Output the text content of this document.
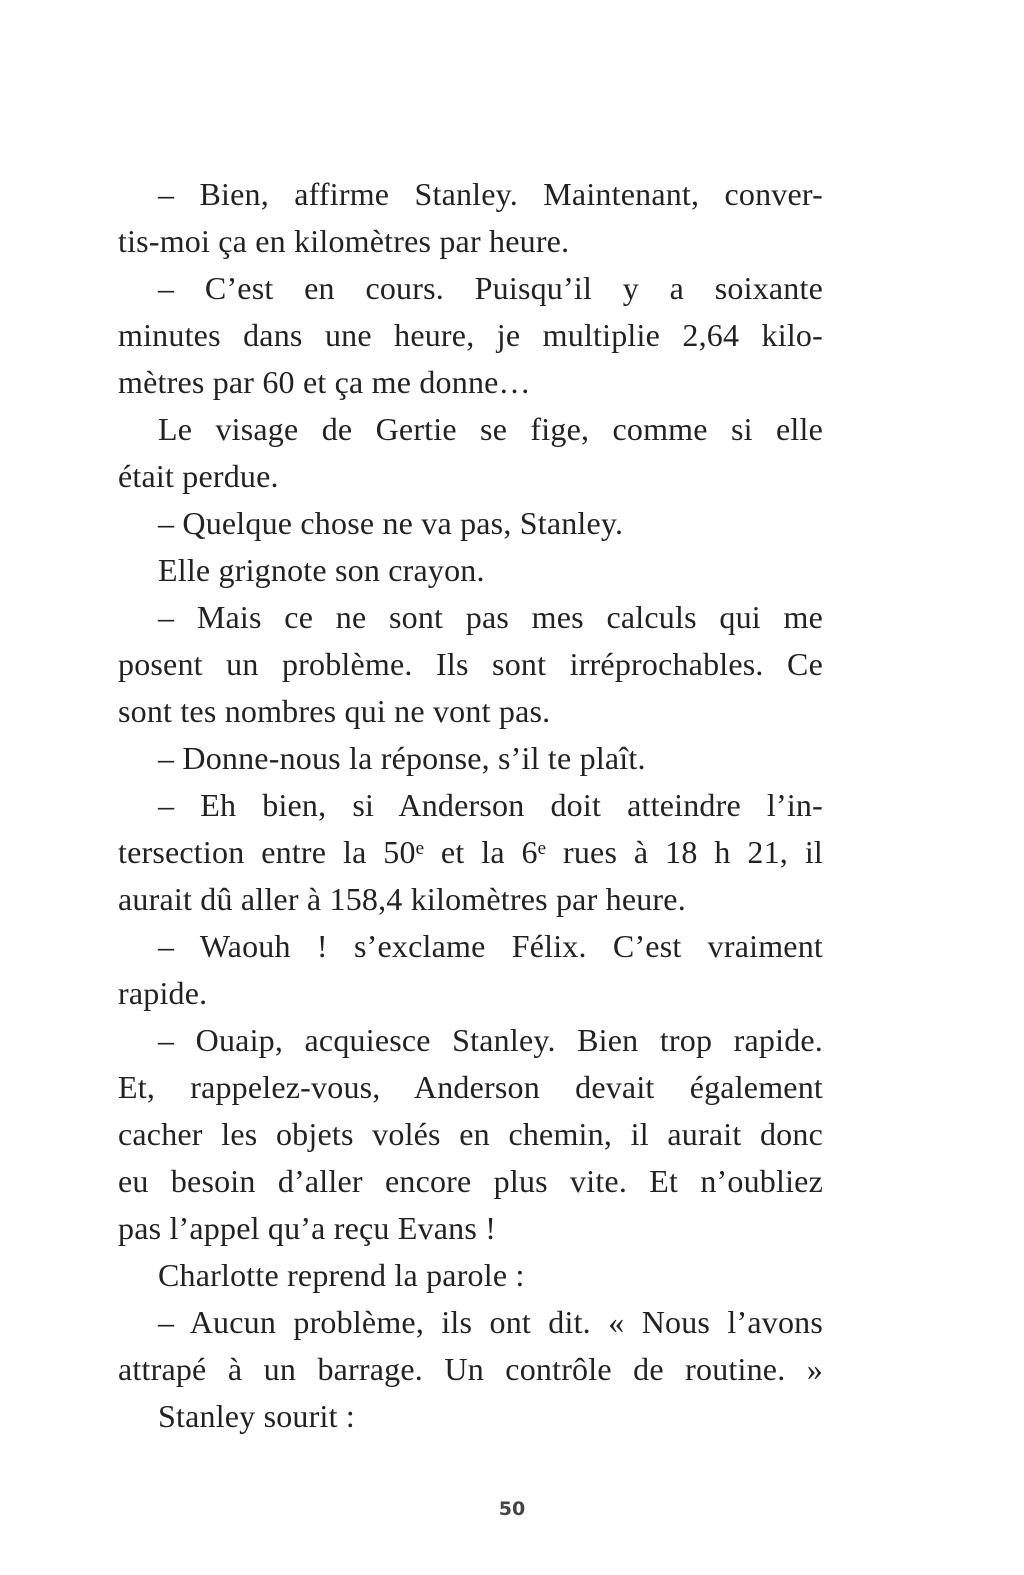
– Bien, affirme Stanley. Maintenant, conver-
tis-moi ça en kilomètres par heure.
– C’est en cours. Puisqu’il y a soixante
minutes dans une heure, je multiplie 2,64 kilo-
mètres par 60 et ça me donne…
Le visage de Gertie se fige, comme si elle
était perdue.
– Quelque chose ne va pas, Stanley.
Elle grignote son crayon.
– Mais ce ne sont pas mes calculs qui me
posent un problème. Ils sont irréprochables. Ce
sont tes nombres qui ne vont pas.
– Donne-nous la réponse, s’il te plaît.
– Eh bien, si Anderson doit atteindre l’in-
tersection entre la 50ᵉ et la 6ᵉ rues à 18 h 21, il
aurait dû aller à 158,4 kilomètres par heure.
– Waouh ! s’exclame Félix. C’est vraiment
rapide.
– Ouaip, acquiesce Stanley. Bien trop rapide.
Et, rappelez-vous, Anderson devait également
cacher les objets volés en chemin, il aurait donc
eu besoin d’aller encore plus vite. Et n’oubliez
pas l’appel qu’a reçu Evans !
Charlotte reprend la parole :
– Aucun problème, ils ont dit. « Nous l’avons
attrapé à un barrage. Un contrôle de routine. »
Stanley sourit :
50
